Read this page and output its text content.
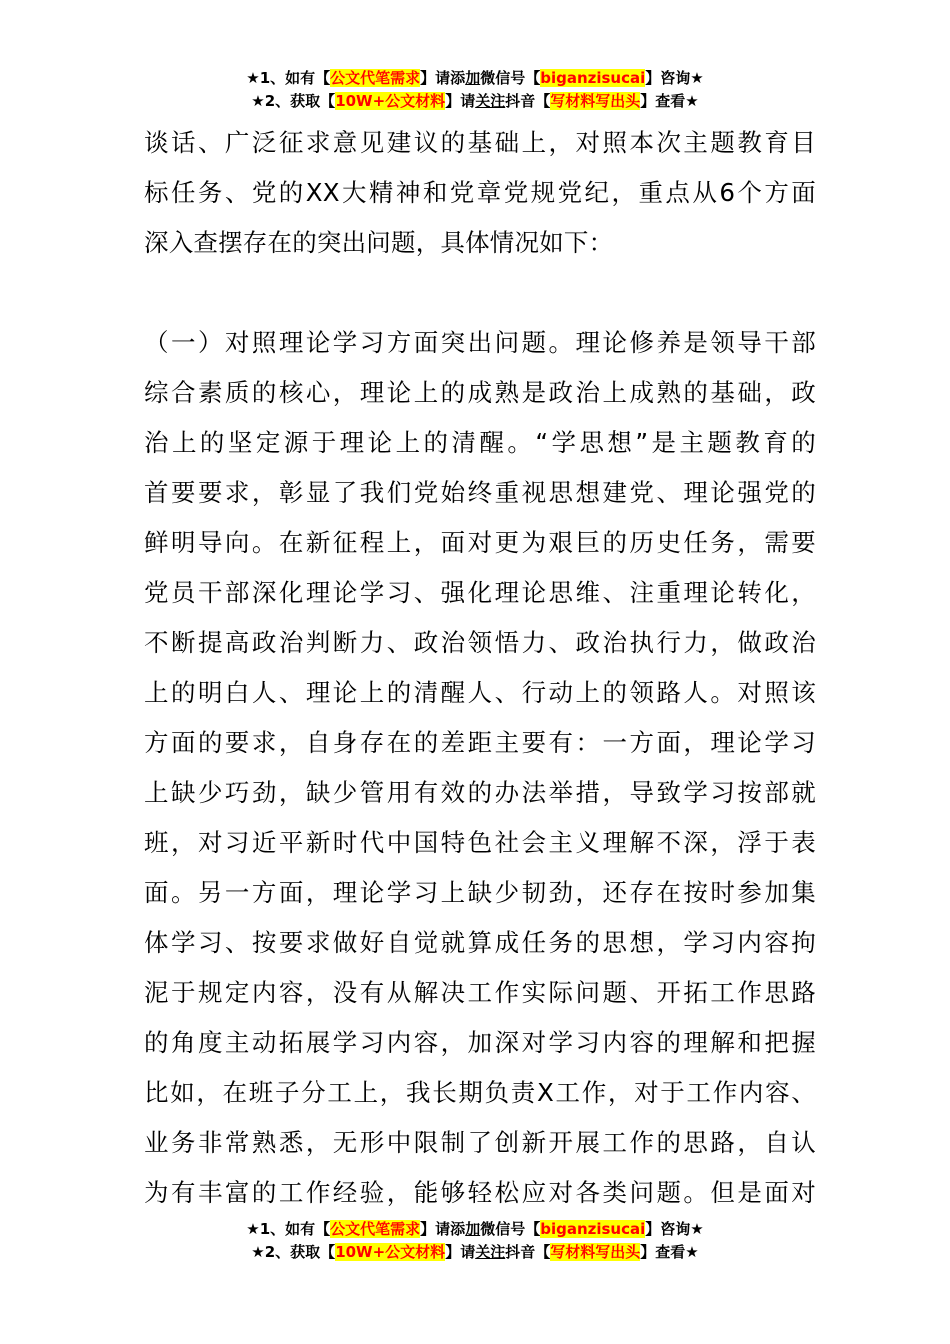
★1、如有【公文代笔需求】请添加微信号【biganzisucai】咨询★
★2、获取【10W+公文材料】请关注抖音【写材料写出头】查看★
谈话、广泛征求意见建议的基础上，对照本次主题教育目
标任务、党的XX大精神和党章党规党纪，重点从6个方面
深入查摆存在的突出问题，具体情况如下：
（一）对照理论学习方面突出问题。理论修养是领导干部
综合素质的核心，理论上的成熟是政治上成熟的基础，政
治上的坚定源于理论上的清醒。“学思想”是主题教育的
首要要求，彰显了我们党始终重视思想建党、理论强党的
鲜明导向。在新征程上，面对更为艰巨的历史任务，需要
党员干部深化理论学习、强化理论思维、注重理论转化，
不断提高政治判断力、政治领悟力、政治执行力，做政治
上的明白人、理论上的清醒人、行动上的领路人。对照该
方面的要求，自身存在的差距主要有：一方面，理论学习
上缺少巧劲，缺少管用有效的办法举措，导致学习按部就
班，对习近平新时代中国特色社会主义理解不深，浮于表
面。另一方面，理论学习上缺少韧劲，还存在按时参加集
体学习、按要求做好自觉就算成任务的思想，学习内容拘
泥于规定内容，没有从解决工作实际问题、开拓工作思路
的角度主动拓展学习内容，加深对学习内容的理解和把握
比如，在班子分工上，我长期负责X工作，对于工作内容、
业务非常熟悉，无形中限制了创新开展工作的思路，自认
为有丰富的工作经验，能够轻松应对各类问题。但是面对
★1、如有【公文代笔需求】请添加微信号【biganzisucai】咨询★
★2、获取【10W+公文材料】请关注抖音【写材料写出头】查看★
